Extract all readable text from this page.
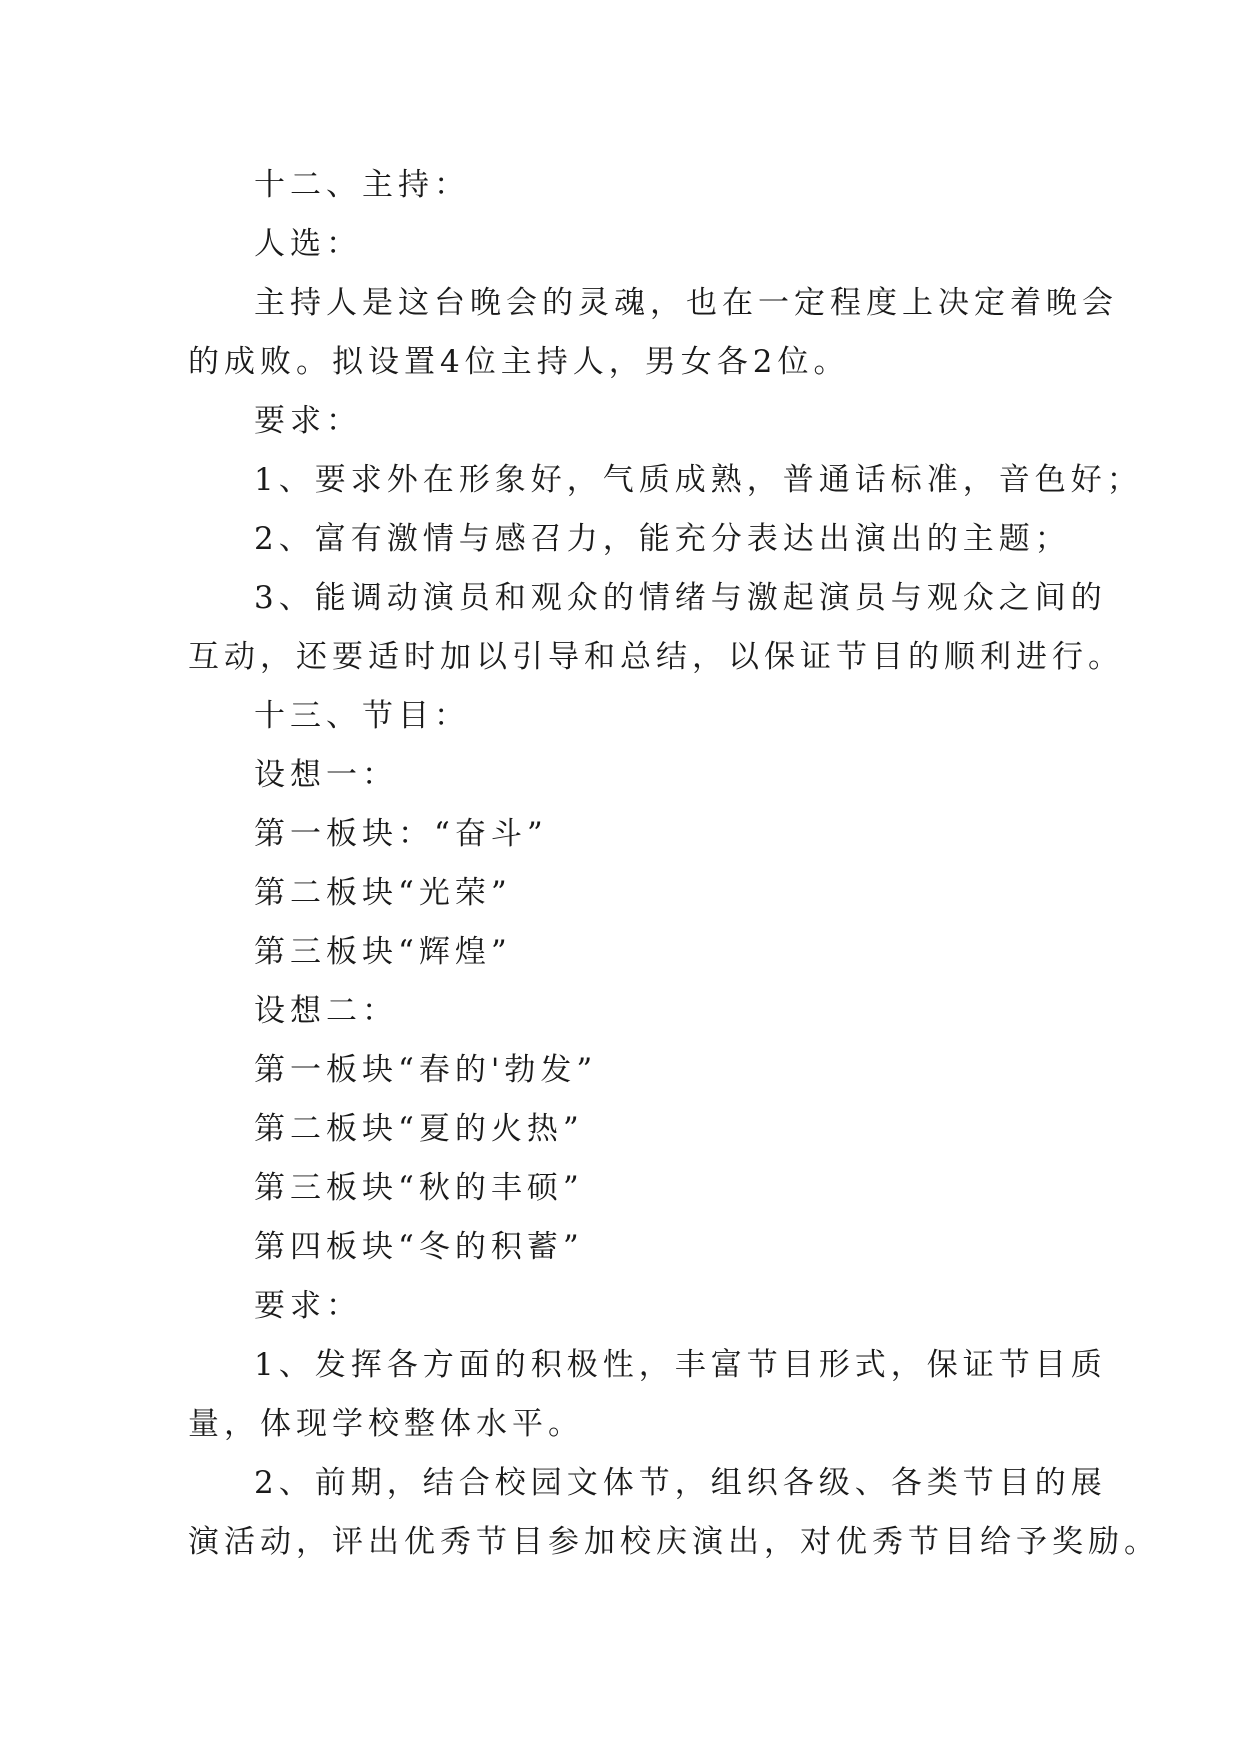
十二、主持：
人选：
主持人是这台晚会的灵魂，也在一定程度上决定着晚会
的成败。拟设置4位主持人，男女各2位。
要求：
1、要求外在形象好，气质成熟，普通话标准，音色好；
2、富有激情与感召力，能充分表达出演出的主题；
3、能调动演员和观众的情绪与激起演员与观众之间的
互动，还要适时加以引导和总结，以保证节目的顺利进行。
十三、节目：
设想一：
第一板块：“奋斗”
第二板块“光荣”
第三板块“辉煌”
设想二：
第一板块“春的'勃发”
第二板块“夏的火热”
第三板块“秋的丰硕”
第四板块“冬的积蓄”
要求：
1、发挥各方面的积极性，丰富节目形式，保证节目质
量，体现学校整体水平。
2、前期，结合校园文体节，组织各级、各类节目的展
演活动，评出优秀节目参加校庆演出，对优秀节目给予奖励。
